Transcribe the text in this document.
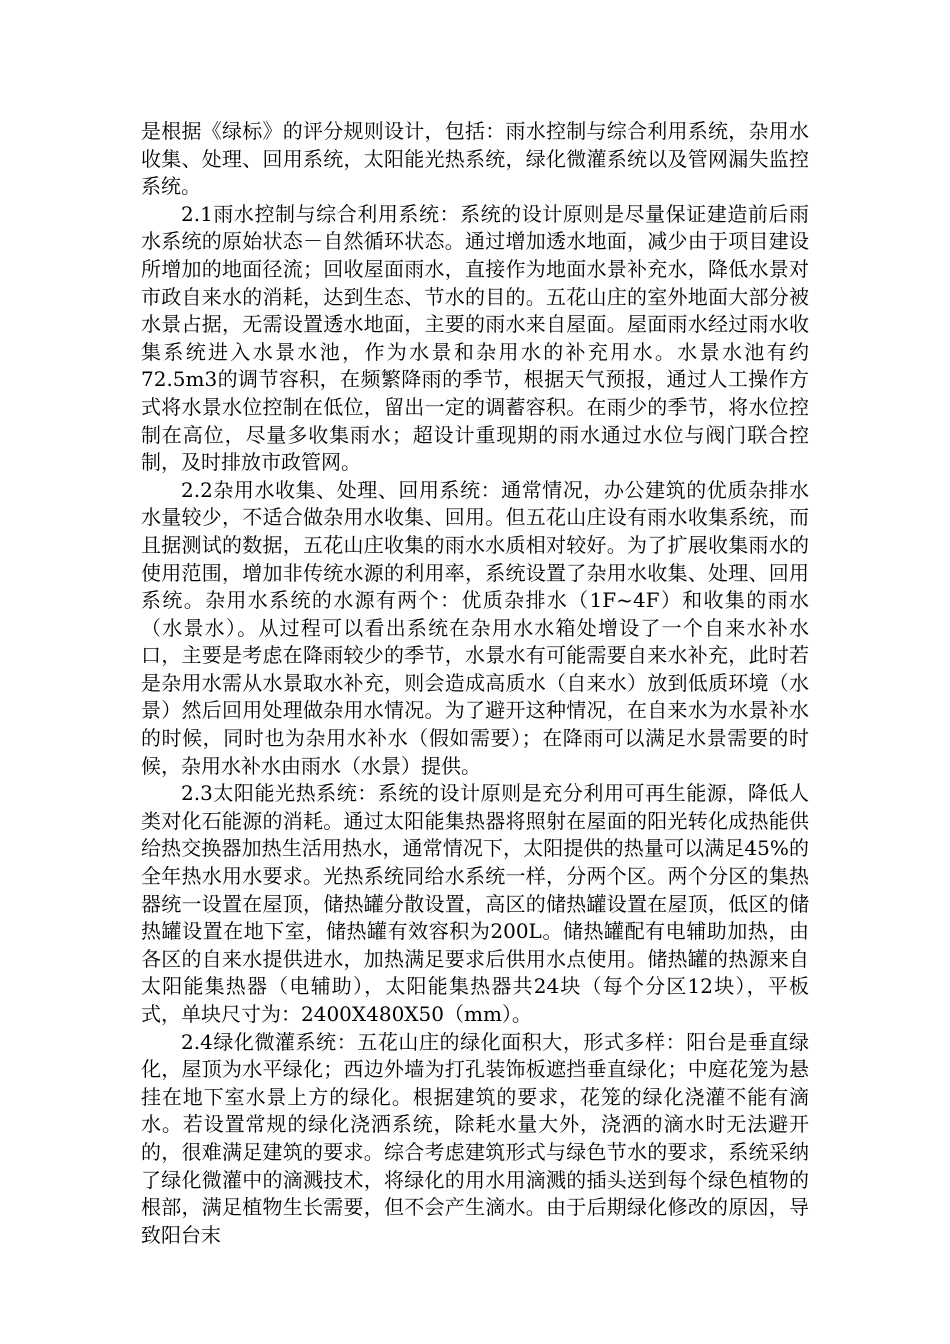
是根据《绿标》的评分规则设计，包括：雨水控制与综合利用系统，杂用水收集、处理、回用系统，太阳能光热系统，绿化微灌系统以及管网漏失监控系统。

2.1雨水控制与综合利用系统：系统的设计原则是尽量保证建造前后雨水系统的原始状态－自然循环状态。通过增加透水地面，减少由于项目建设所增加的地面径流；回收屋面雨水，直接作为地面水景补充水，降低水景对市政自来水的消耗，达到生态、节水的目的。五花山庄的室外地面大部分被水景占据，无需设置透水地面，主要的雨水来自屋面。屋面雨水经过雨水收集系统进入水景水池，作为水景和杂用水的补充用水。水景水池有约72.5m3的调节容积，在频繁降雨的季节，根据天气预报，通过人工操作方式将水景水位控制在低位，留出一定的调蓄容积。在雨少的季节，将水位控制在高位，尽量多收集雨水；超设计重现期的雨水通过水位与阀门联合控制，及时排放市政管网。

2.2杂用水收集、处理、回用系统：通常情况，办公建筑的优质杂排水水量较少，不适合做杂用水收集、回用。但五花山庄设有雨水收集系统，而且据测试的数据，五花山庄收集的雨水水质相对较好。为了扩展收集雨水的使用范围，增加非传统水源的利用率，系统设置了杂用水收集、处理、回用系统。杂用水系统的水源有两个：优质杂排水（1F~4F）和收集的雨水（水景水）。从过程可以看出系统在杂用水水箱处增设了一个自来水补水口，主要是考虑在降雨较少的季节，水景水有可能需要自来水补充，此时若是杂用水需从水景取水补充，则会造成高质水（自来水）放到低质环境（水景）然后回用处理做杂用水情况。为了避开这种情况，在自来水为水景补水的时候，同时也为杂用水补水（假如需要）；在降雨可以满足水景需要的时候，杂用水补水由雨水（水景）提供。

2.3太阳能光热系统：系统的设计原则是充分利用可再生能源，降低人类对化石能源的消耗。通过太阳能集热器将照射在屋面的阳光转化成热能供给热交换器加热生活用热水，通常情况下，太阳提供的热量可以满足45%的全年热水用水要求。光热系统同给水系统一样，分两个区。两个分区的集热器统一设置在屋顶，储热罐分散设置，高区的储热罐设置在屋顶，低区的储热罐设置在地下室，储热罐有效容积为200L。储热罐配有电辅助加热，由各区的自来水提供进水，加热满足要求后供用水点使用。储热罐的热源来自太阳能集热器（电辅助），太阳能集热器共24块（每个分区12块），平板式，单块尺寸为：2400X480X50（mm）。

2.4绿化微灌系统：五花山庄的绿化面积大，形式多样：阳台是垂直绿化，屋顶为水平绿化；西边外墙为打孔装饰板遮挡垂直绿化；中庭花笼为悬挂在地下室水景上方的绿化。根据建筑的要求，花笼的绿化浇灌不能有滴水。若设置常规的绿化浇洒系统，除耗水量大外，浇洒的滴水时无法避开的，很难满足建筑的要求。综合考虑建筑形式与绿色节水的要求，系统采纳了绿化微灌中的滴溅技术，将绿化的用水用滴溅的插头送到每个绿色植物的根部，满足植物生长需要，但不会产生滴水。由于后期绿化修改的原因，导致阳台末
